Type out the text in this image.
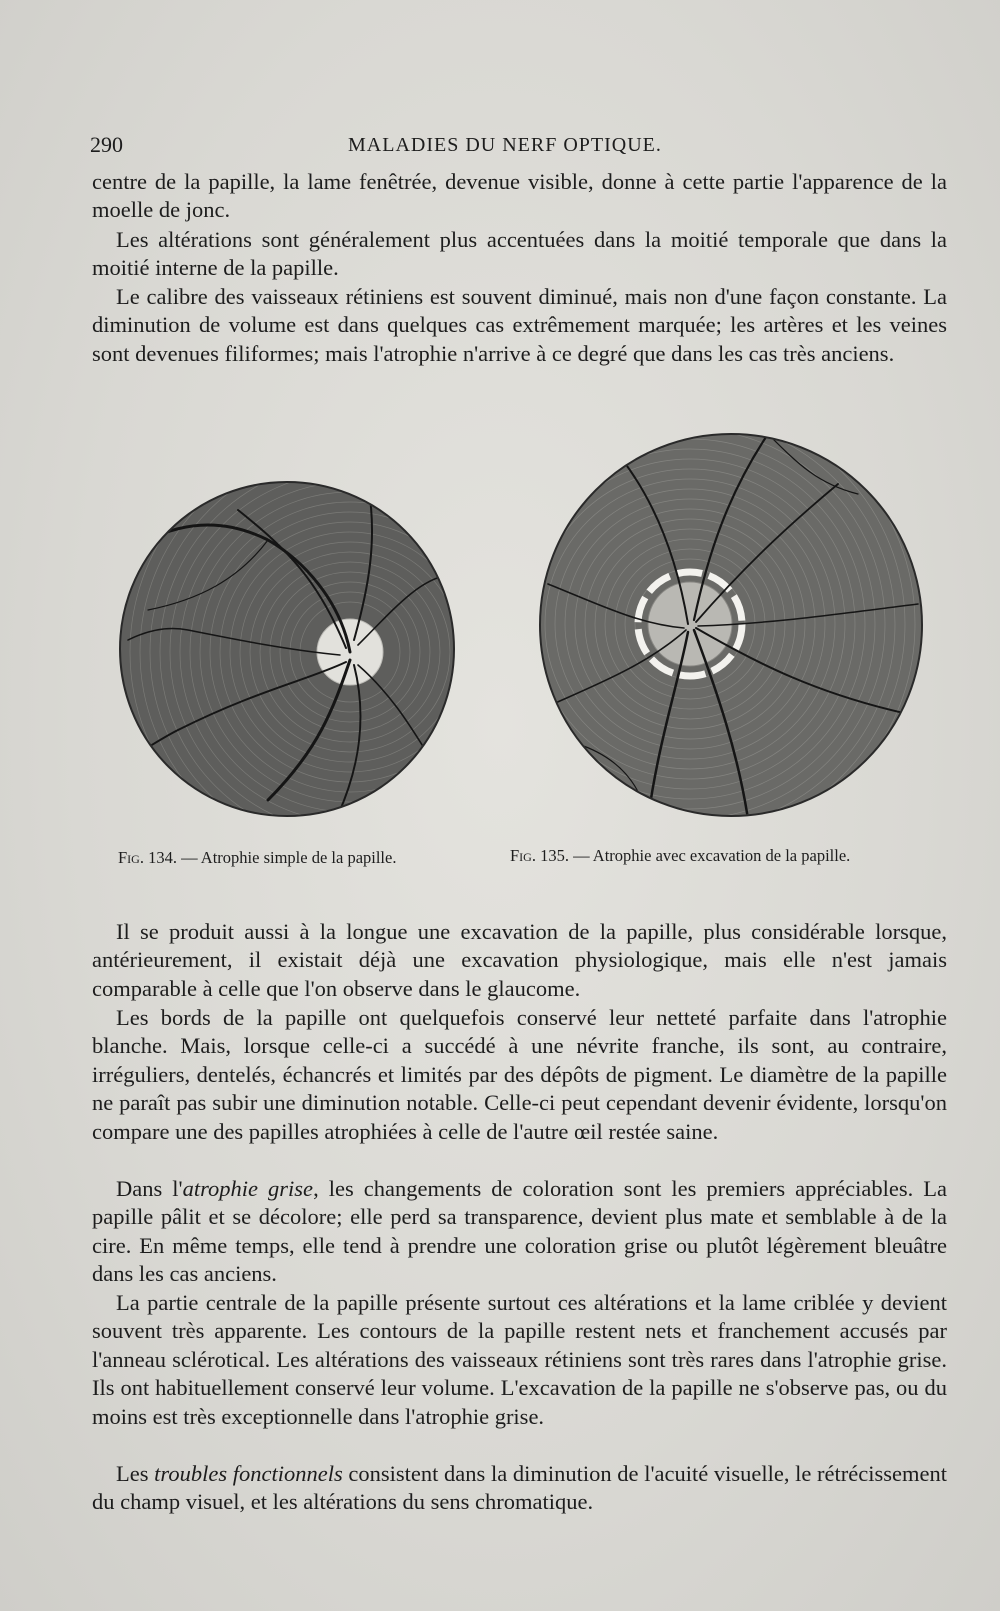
290	MALADIES DU NERF OPTIQUE.

centre de la papille, la lame fenêtrée, devenue visible, donne à cette partie l'apparence de la moelle de jonc.

Les altérations sont généralement plus accentuées dans la moitié temporale que dans la moitié interne de la papille.

Le calibre des vaisseaux rétiniens est souvent diminué, mais non d'une façon constante. La diminution de volume est dans quelques cas extrêmement marquée; les artères et les veines sont devenues filiformes; mais l'atrophie n'arrive à ce degré que dans les cas très anciens.

Fig. 134. — Atrophie simple de la papille.	Fig. 135. — Atrophie avec excavation de la papille.

Il se produit aussi à la longue une excavation de la papille, plus considérable lorsque, antérieurement, il existait déjà une excavation physiologique, mais elle n'est jamais comparable à celle que l'on observe dans le glaucome.

Les bords de la papille ont quelquefois conservé leur netteté parfaite dans l'atrophie blanche. Mais, lorsque celle-ci a succédé à une névrite franche, ils sont, au contraire, irréguliers, dentelés, échancrés et limités par des dépôts de pigment. Le diamètre de la papille ne paraît pas subir une diminution notable. Celle-ci peut cependant devenir évidente, lorsqu'on compare une des papilles atrophiées à celle de l'autre œil restée saine.

Dans l'atrophie grise, les changements de coloration sont les premiers appréciables. La papille pâlit et se décolore; elle perd sa transparence, devient plus mate et semblable à de la cire. En même temps, elle tend à prendre une coloration grise ou plutôt légèrement bleuâtre dans les cas anciens.

La partie centrale de la papille présente surtout ces altérations et la lame criblée y devient souvent très apparente. Les contours de la papille restent nets et franchement accusés par l'anneau sclérotical. Les altérations des vaisseaux rétiniens sont très rares dans l'atrophie grise. Ils ont habituellement conservé leur volume. L'excavation de la papille ne s'observe pas, ou du moins est très exceptionnelle dans l'atrophie grise.

Les troubles fonctionnels consistent dans la diminution de l'acuité visuelle, le rétrécissement du champ visuel, et les altérations du sens chromatique.
